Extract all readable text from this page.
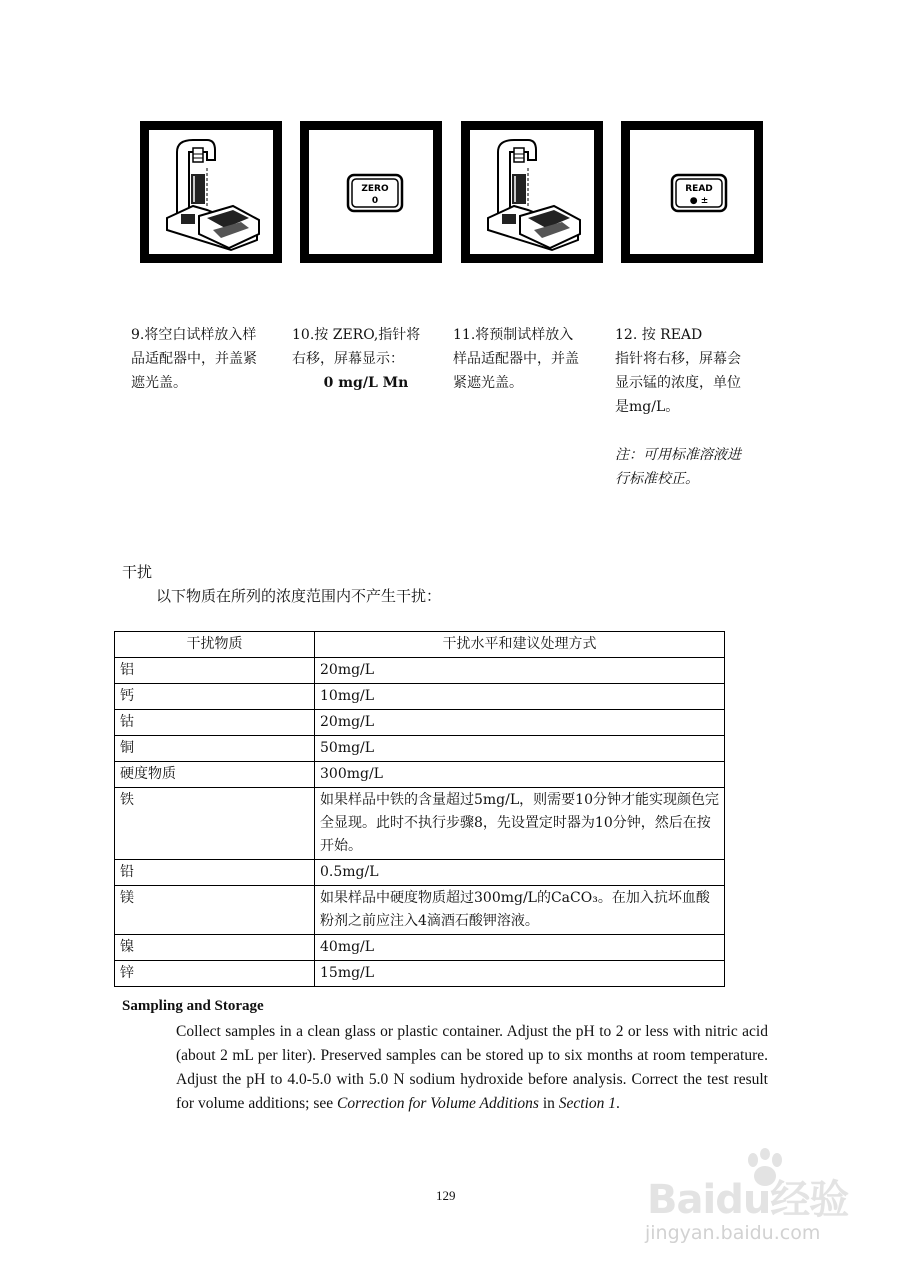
ZERO
0
READ
● ±

9.将空白试样放入样
品适配器中，并盖紧
遮光盖。

10.按 ZERO,指针将
右移，屏幕显示：

0 mg/L Mn

11.将预制试样放入
样品适配器中，并盖
紧遮光盖。

12. 按 READ
指针将右移，屏幕会
显示锰的浓度，单位
是mg/L。

注：可用标准溶液进
行标准校正。

干扰
以下物质在所列的浓度范围内不产生干扰：
干扰物质	干扰水平和建议处理方式
铝	20mg/L
钙	10mg/L
钴	20mg/L
铜	50mg/L
硬度物质	300mg/L
铁	如果样品中铁的含量超过5mg/L，则需要10分钟才能实现颜色完全显现。此时不执行步骤8，先设置定时器为10分钟，然后在按开始。
铅	0.5mg/L
镁	如果样品中硬度物质超过300mg/L的CaCO₃。在加入抗坏血酸粉剂之前应注入4滴酒石酸钾溶液。
镍	40mg/L
锌	15mg/L
Sampling and Storage
Collect samples in a clean glass or plastic container. Adjust the pH to 2 or less with nitric acid (about 2 mL per liter). Preserved samples can be stored up to six months at room temperature. Adjust the pH to 4.0-5.0 with 5.0 N sodium hydroxide before analysis. Correct the test result for volume additions; see Correction for Volume Additions in Section 1.
129	Baidu经验
jingyan.baidu.com
